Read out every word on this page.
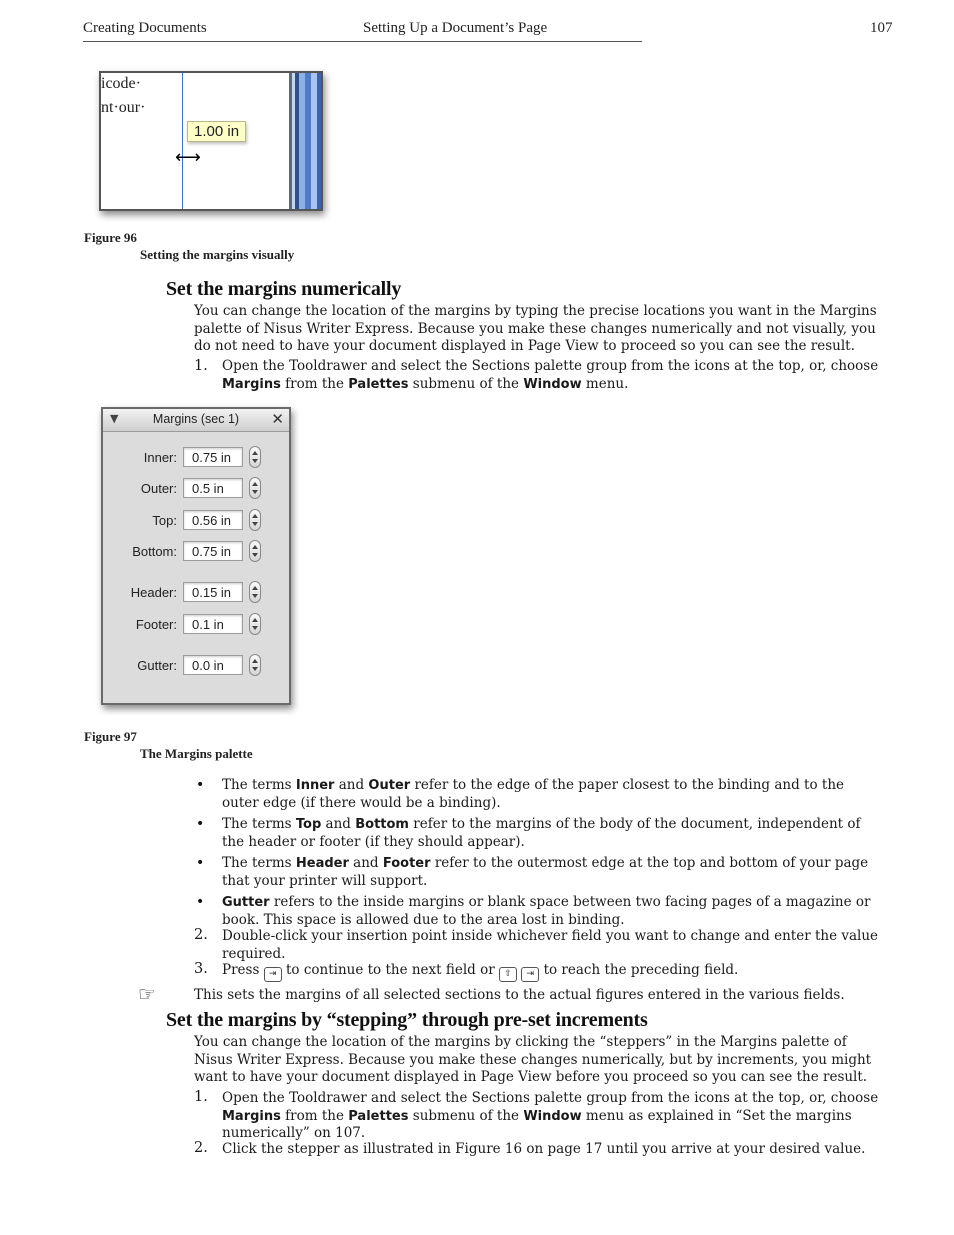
Creating Documents	Setting Up a Document’s Page	107
icode·
nt·our·
1.00 in
⟷
Figure 96
Setting the margins visually
Set the margins numerically
You can change the location of the margins by typing the precise locations you want in the Margins palette of Nisus Writer Express. Because you make these changes numerically and not visually, you do not need to have your document displayed in Page View to proceed so you can see the result.
1. Open the Tooldrawer and select the Sections palette group from the icons at the top, or, choose Margins from the Palettes submenu of the Window menu.
▼	Margins (sec 1)	✕
Inner:	0.75 in
Outer:	0.5 in
Top:	0.56 in
Bottom:	0.75 in
Header:	0.15 in
Footer:	0.1 in
Gutter:	0.0 in
Figure 97
The Margins palette
• The terms Inner and Outer refer to the edge of the paper closest to the binding and to the outer edge (if there would be a binding).
• The terms Top and Bottom refer to the margins of the body of the document, independent of the header or footer (if they should appear).
• The terms Header and Footer refer to the outermost edge at the top and bottom of your page that your printer will support.
• Gutter refers to the inside margins or blank space between two facing pages of a magazine or book. This space is allowed due to the area lost in binding.
2. Double-click your insertion point inside whichever field you want to change and enter the value required.
3. Press ⇥ to continue to the next field or ⇧ ⇥ to reach the preceding field.
☞	This sets the margins of all selected sections to the actual figures entered in the various fields.
Set the margins by “stepping” through pre-set increments
You can change the location of the margins by clicking the “steppers” in the Margins palette of Nisus Writer Express. Because you make these changes numerically, but by increments, you might want to have your document displayed in Page View before you proceed so you can see the result.
1. Open the Tooldrawer and select the Sections palette group from the icons at the top, or, choose Margins from the Palettes submenu of the Window menu as explained in “Set the margins numerically” on 107.
2. Click the stepper as illustrated in Figure 16 on page 17 until you arrive at your desired value.
